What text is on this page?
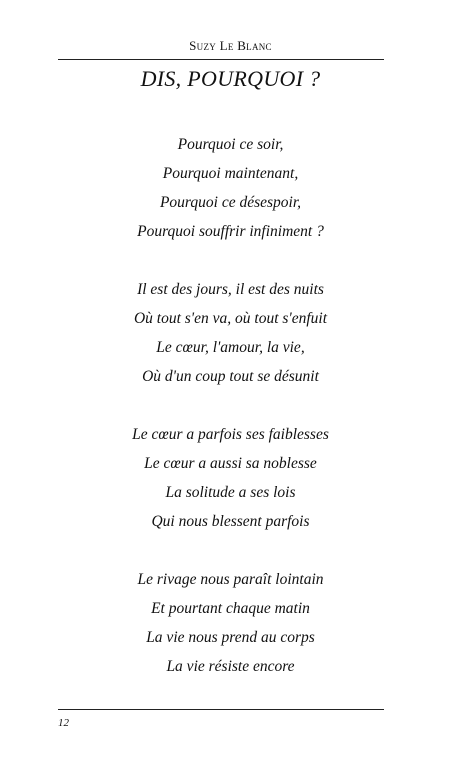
Suzy Le Blanc
DIS, POURQUOI ?
Pourquoi ce soir,
Pourquoi maintenant,
Pourquoi ce désespoir,
Pourquoi souffrir infiniment ?
Il est des jours, il est des nuits
Où tout s'en va, où tout s'enfuit
Le cœur, l'amour, la vie,
Où d'un coup tout se désunit
Le cœur a parfois ses faiblesses
Le cœur a aussi sa noblesse
La solitude a ses lois
Qui nous blessent parfois
Le rivage nous paraît lointain
Et pourtant chaque matin
La vie nous prend au corps
La vie résiste encore
12
